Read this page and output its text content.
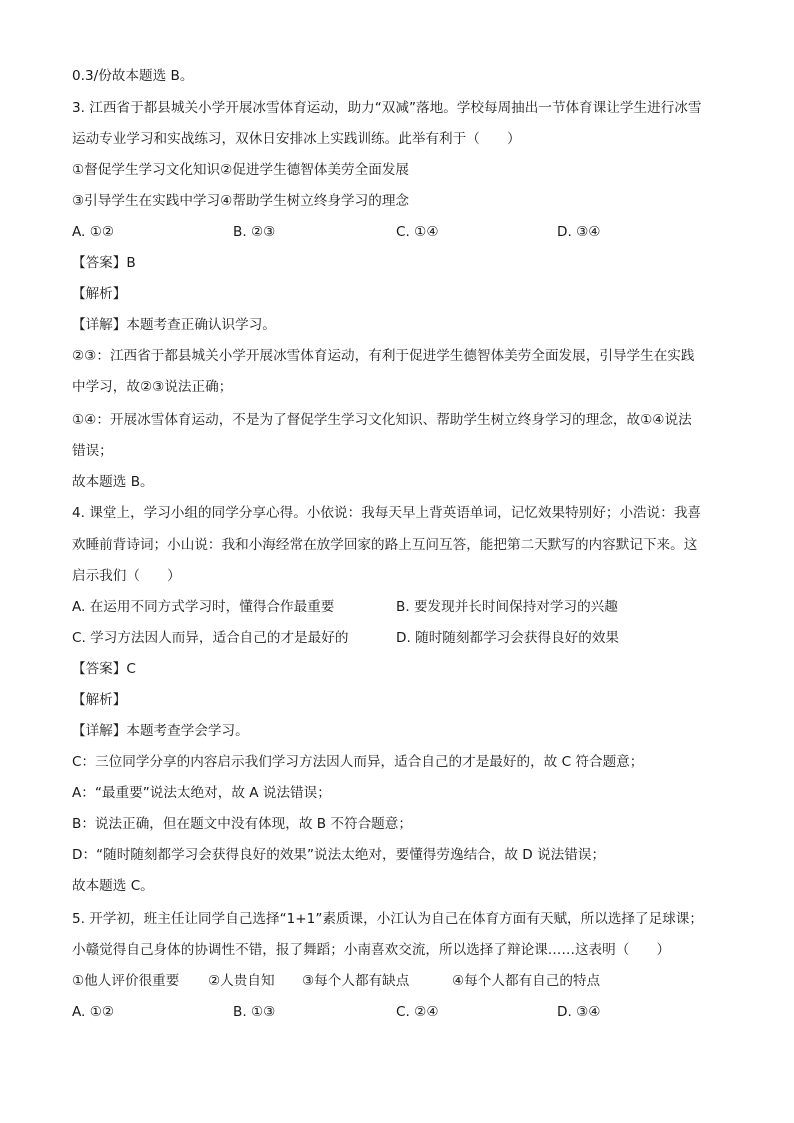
0.3/份故本题选 B。

3. 江西省于都县城关小学开展冰雪体育运动，助力“双减”落地。学校每周抽出一节体育课让学生进行冰雪

运动专业学习和实战练习，双休日安排冰上实践训练。此举有利于（　　）

①督促学生学习文化知识②促进学生德智体美劳全面发展

③引导学生在实践中学习④帮助学生树立终身学习的理念

A. ①②	B. ②③	C. ①④	D. ③④
【答案】B
【解析】

【详解】本题考查正确认识学习。

②③：江西省于都县城关小学开展冰雪体育运动，有利于促进学生德智体美劳全面发展，引导学生在实践

中学习，故②③说法正确；

①④：开展冰雪体育运动，不是为了督促学生学习文化知识、帮助学生树立终身学习的理念，故①④说法

错误；

故本题选 B。

4. 课堂上，学习小组的同学分享心得。小依说：我每天早上背英语单词，记忆效果特别好；小浩说：我喜

欢睡前背诗词；小山说：我和小海经常在放学回家的路上互问互答，能把第二天默写的内容默记下来。这

启示我们（　　）

A. 在运用不同方式学习时，懂得合作最重要	B. 要发现并长时间保持对学习的兴趣
C. 学习方法因人而异，适合自己的才是最好的	D. 随时随刻都学习会获得良好的效果
【答案】C
【解析】

【详解】本题考查学会学习。

C：三位同学分享的内容启示我们学习方法因人而异，适合自己的才是最好的，故 C 符合题意；

A：“最重要”说法太绝对，故 A 说法错误；

B：说法正确，但在题文中没有体现，故 B 不符合题意；

D：“随时随刻都学习会获得良好的效果”说法太绝对，要懂得劳逸结合，故 D 说法错误；

故本题选 C。

5. 开学初，班主任让同学自己选择“1+1”素质课，小江认为自己在体育方面有天赋，所以选择了足球课；

小赣觉得自己身体的协调性不错，报了舞蹈；小南喜欢交流，所以选择了辩论课……这表明（　　）

①他人评价很重要 ②人贵自知 ③每个人都有缺点	④每个人都有自己的特点
A. ①②	B. ①③	C. ②④	D. ③④
